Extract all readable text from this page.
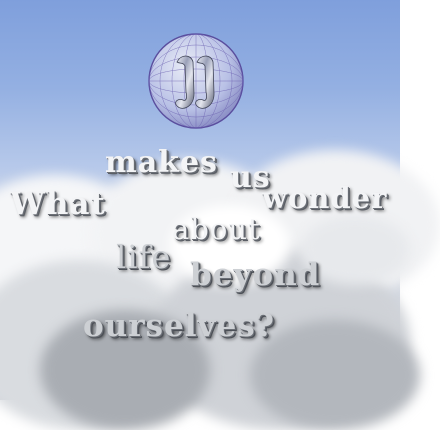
M
makes us
What	wonder
about
life beyond
ourselves?
